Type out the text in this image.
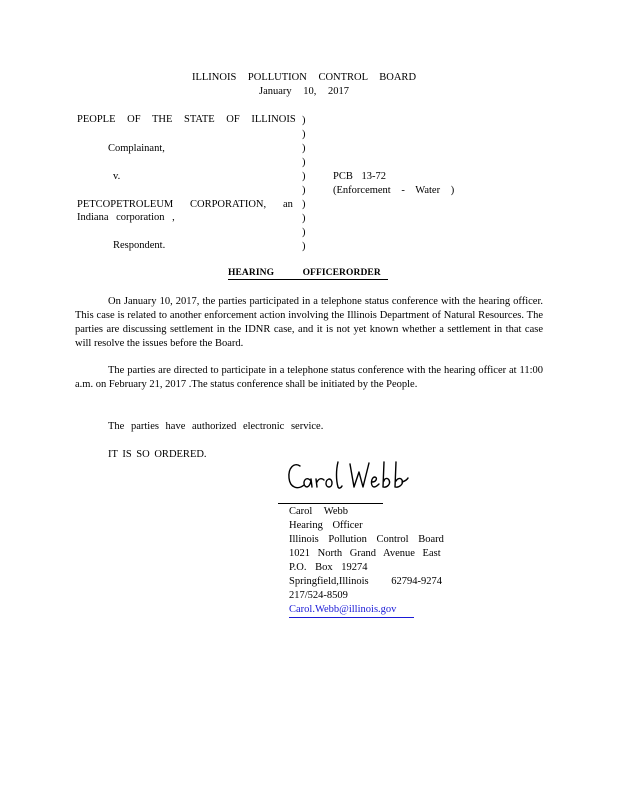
ILLINOIS POLLUTION CONTROL BOARD
January 10, 2017
PEOPLE OF THE STATE OF ILLINOIS
Complainant,
v.
PETCOPETROLEUM CORPORATION, an
Indiana corporation ,
Respondent.
)
)
)
)
)
)
)
)
)
)
PCB 13-72
(Enforcement - Water )
HEARING OFFICERORDER
On January 10, 2017, the parties participated in a telephone status conference with the hearing officer. This case is related to another enforcement action involving the Illinois Department of Natural Resources. The parties are discussing settlement in the IDNR case, and it is not yet known whether a settlement in that case will resolve the issues before the Board.
The parties are directed to participate in a telephone status conference with the hearing officer at 11:00 a.m. on February 21, 2017 .The status conference shall be initiated by the People.
The parties have authorized electronic service.
IT IS SO ORDERED.
Carol Webb
Hearing Officer
Illinois Pollution Control Board
1021 North Grand Avenue East
P.O. Box 19274
Springfield,Illinois 62794-9274
217/524-8509
Carol.Webb@illinois.gov
